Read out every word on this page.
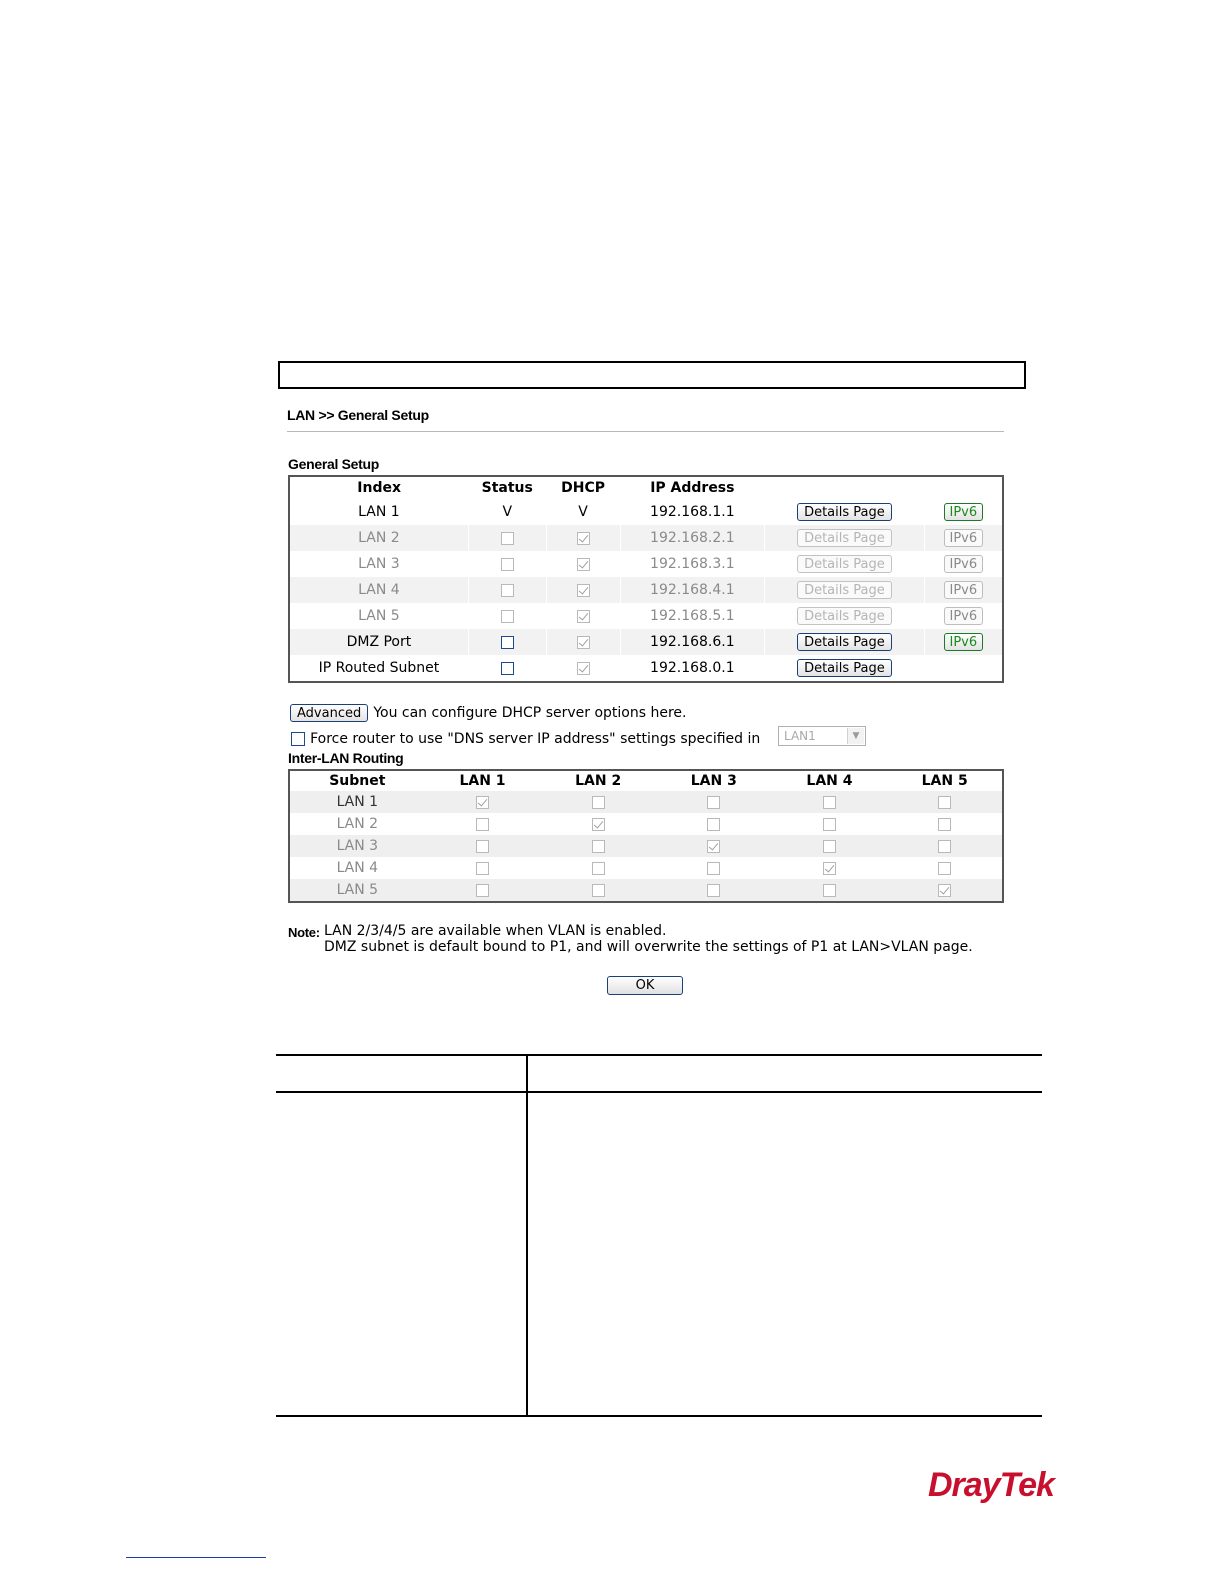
LAN >> General Setup
General Setup
Index	Status	DHCP	IP Address		
LAN 1	V	V	192.168.1.1	Details Page	IPv6
LAN 2			192.168.2.1	Details Page	IPv6
LAN 3			192.168.3.1	Details Page	IPv6
LAN 4			192.168.4.1	Details Page	IPv6
LAN 5			192.168.5.1	Details Page	IPv6
DMZ Port			192.168.6.1	Details Page	IPv6
IP Routed Subnet			192.168.0.1	Details Page	
Advanced You can configure DHCP server options here.
Force router to use "DNS server IP address" settings specified in LAN1	▼
Inter-LAN Routing
Subnet	LAN 1	LAN 2	LAN 3	LAN 4	LAN 5
LAN 1					
LAN 2					
LAN 3					
LAN 4					
LAN 5					
Note: LAN 2/3/4/5 are available when VLAN is enabled.
DMZ subnet is default bound to P1, and will overwrite the settings of P1 at LAN>VLAN page.
OK
DrayTek
